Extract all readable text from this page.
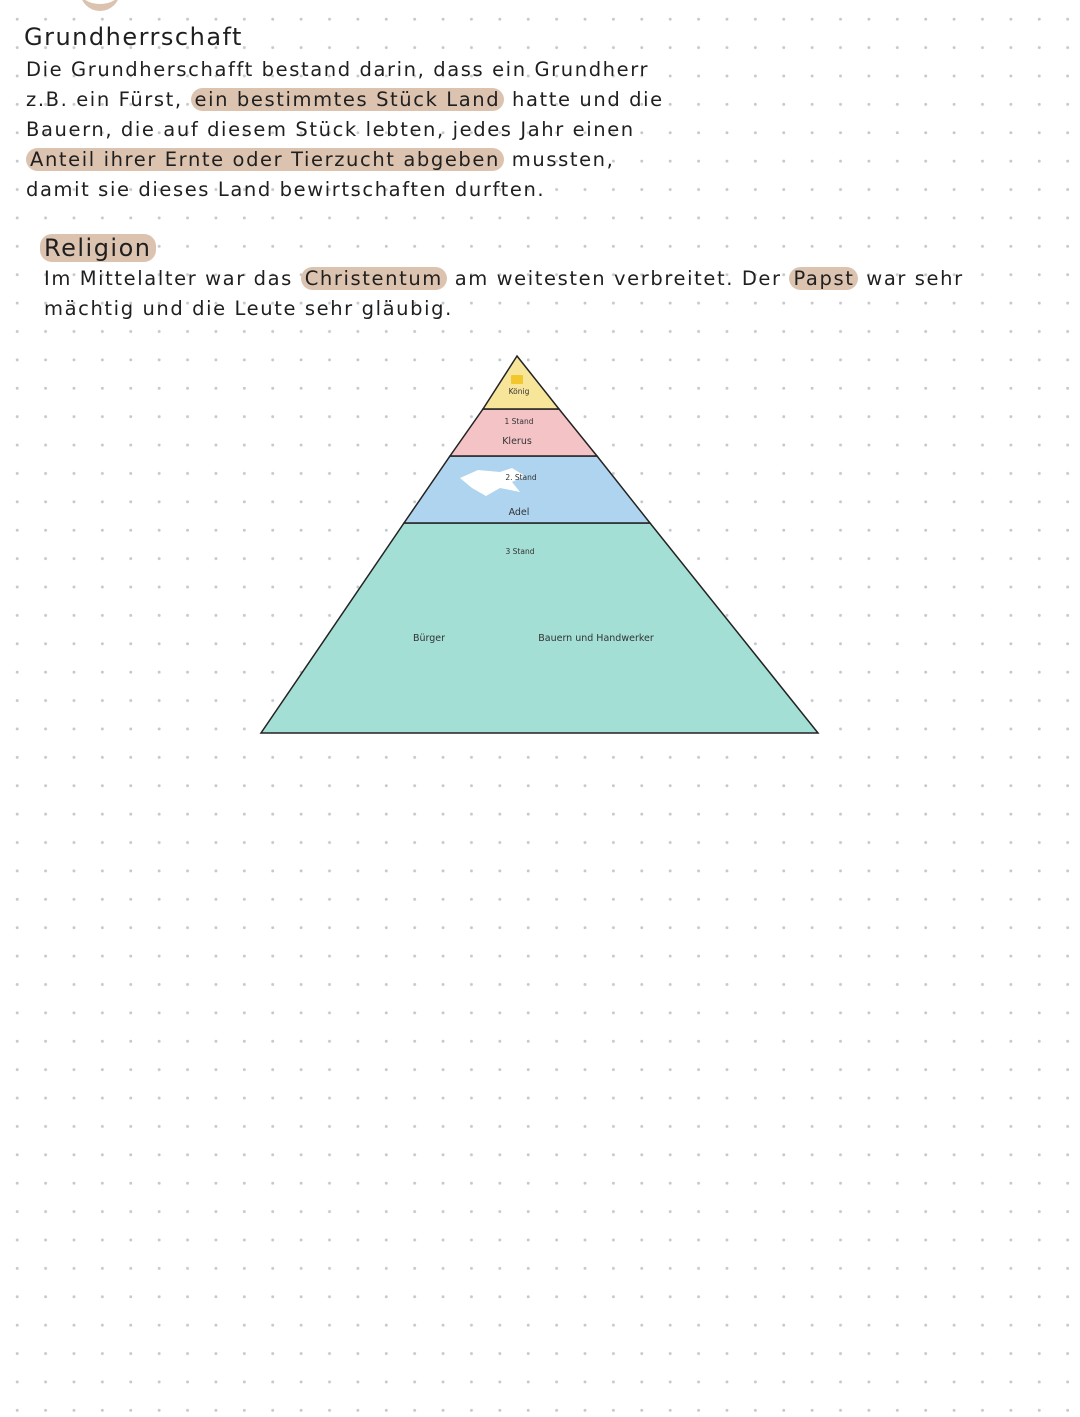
Grundherrschaft
Die Grundherschafft bestand darin, dass ein Grundherr
z.B. ein Fürst, ein bestimmtes Stück Land hatte und die
Bauern, die auf diesem Stück lebten, jedes Jahr einen
Anteil ihrer Ernte oder Tierzucht abgeben mussten,
damit sie dieses Land bewirtschaften durften.
Religion
Im Mittelalter war das Christentum am weitesten verbreitet. Der Papst war sehr
mächtig und die Leute sehr gläubig.
König
1 Stand
Klerus
2. Stand
Adel
3 Stand
Bürger	Bauern und Handwerker
